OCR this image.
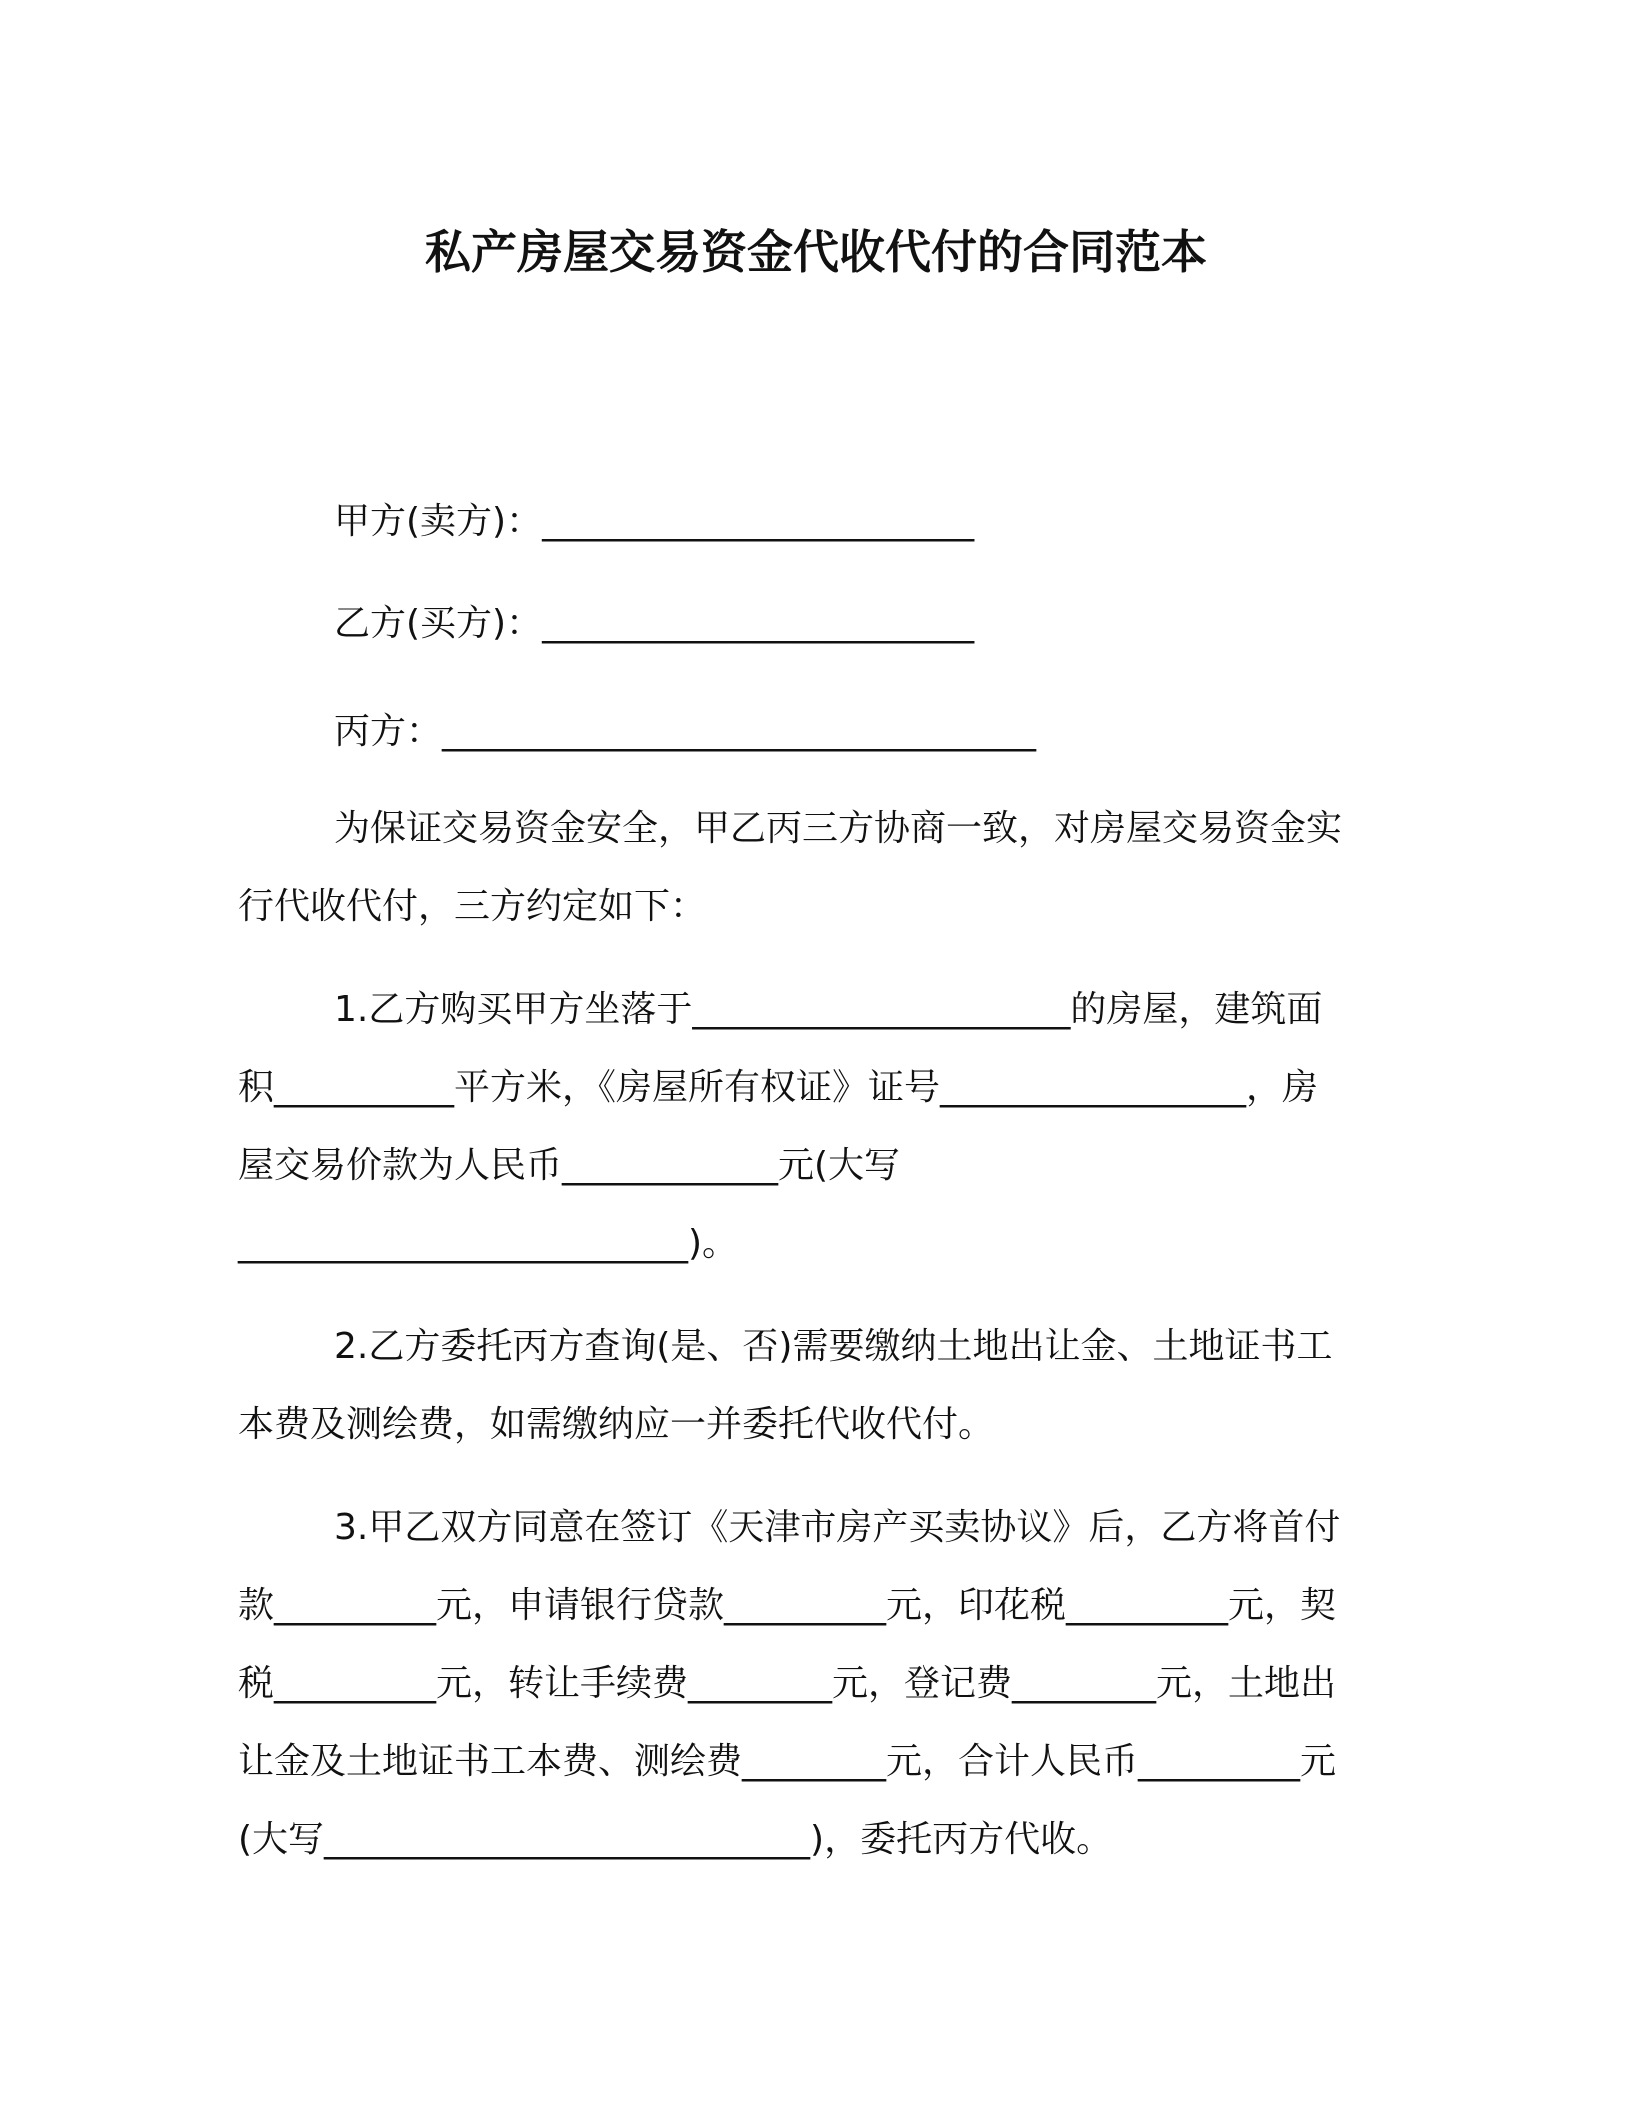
私产房屋交易资金代收代付的合同范本
甲方(卖方)：________________________
乙方(买方)：________________________
丙方：_________________________________
为保证交易资金安全，甲乙丙三方协商一致，对房屋交易资金实
行代收代付，三方约定如下：
1.乙方购买甲方坐落于_____________________的房屋，建筑面
积__________平方米，《房屋所有权证》证号_________________，房
屋交易价款为人民币____________元(大写
_________________________)。
2.乙方委托丙方查询(是、否)需要缴纳土地出让金、土地证书工
本费及测绘费，如需缴纳应一并委托代收代付。
3.甲乙双方同意在签订《天津市房产买卖协议》后，乙方将首付
款_________元，申请银行贷款_________元，印花税_________元，契
税_________元，转让手续费________元，登记费________元，土地出
让金及土地证书工本费、测绘费________元，合计人民币_________元
(大写___________________________)，委托丙方代收。
